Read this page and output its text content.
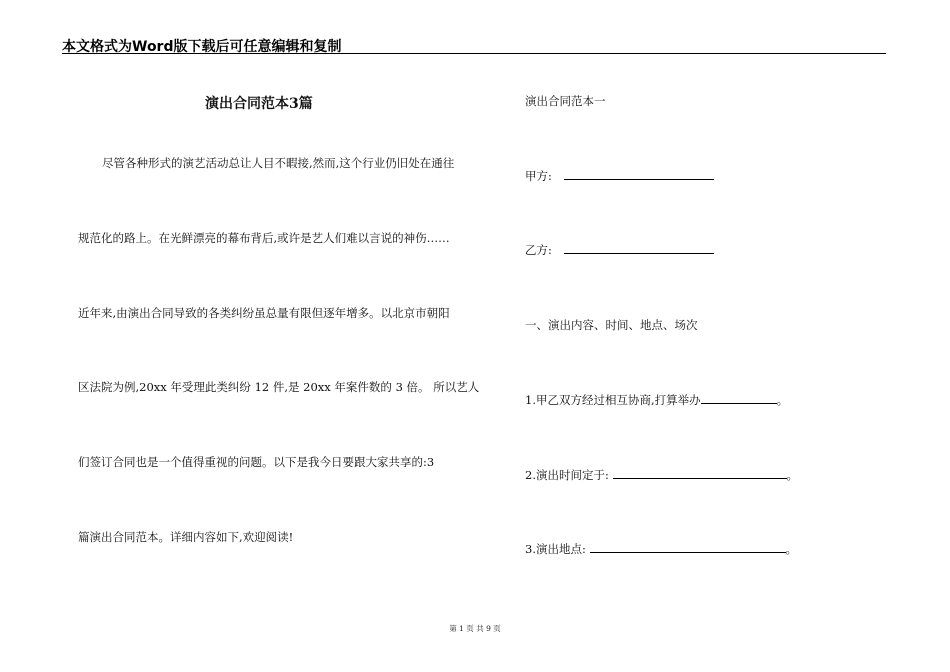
本文格式为Word版下载后可任意编辑和复制
演出合同范本3篇
尽管各种形式的演艺活动总让人目不暇接,然而,这个行业仍旧处在通往
规范化的路上。在光鲜漂亮的幕布背后,或许是艺人们难以言说的神伤……
近年来,由演出合同导致的各类纠纷虽总量有限但逐年增多。以北京市朝阳
区法院为例,20xx 年受理此类纠纷 12 件,是 20xx 年案件数的 3 倍。 所以艺人
们签订合同也是一个值得重视的问题。以下是我今日要跟大家共享的:3
篇演出合同范本。详细内容如下,欢迎阅读!
演出合同范本一
甲方:
乙方:
一、演出内容、时间、地点、场次
1.甲乙双方经过相互协商,打算举办	。
2.演出时间定于:	。
3.演出地点:	。
第 1 页 共 9 页
